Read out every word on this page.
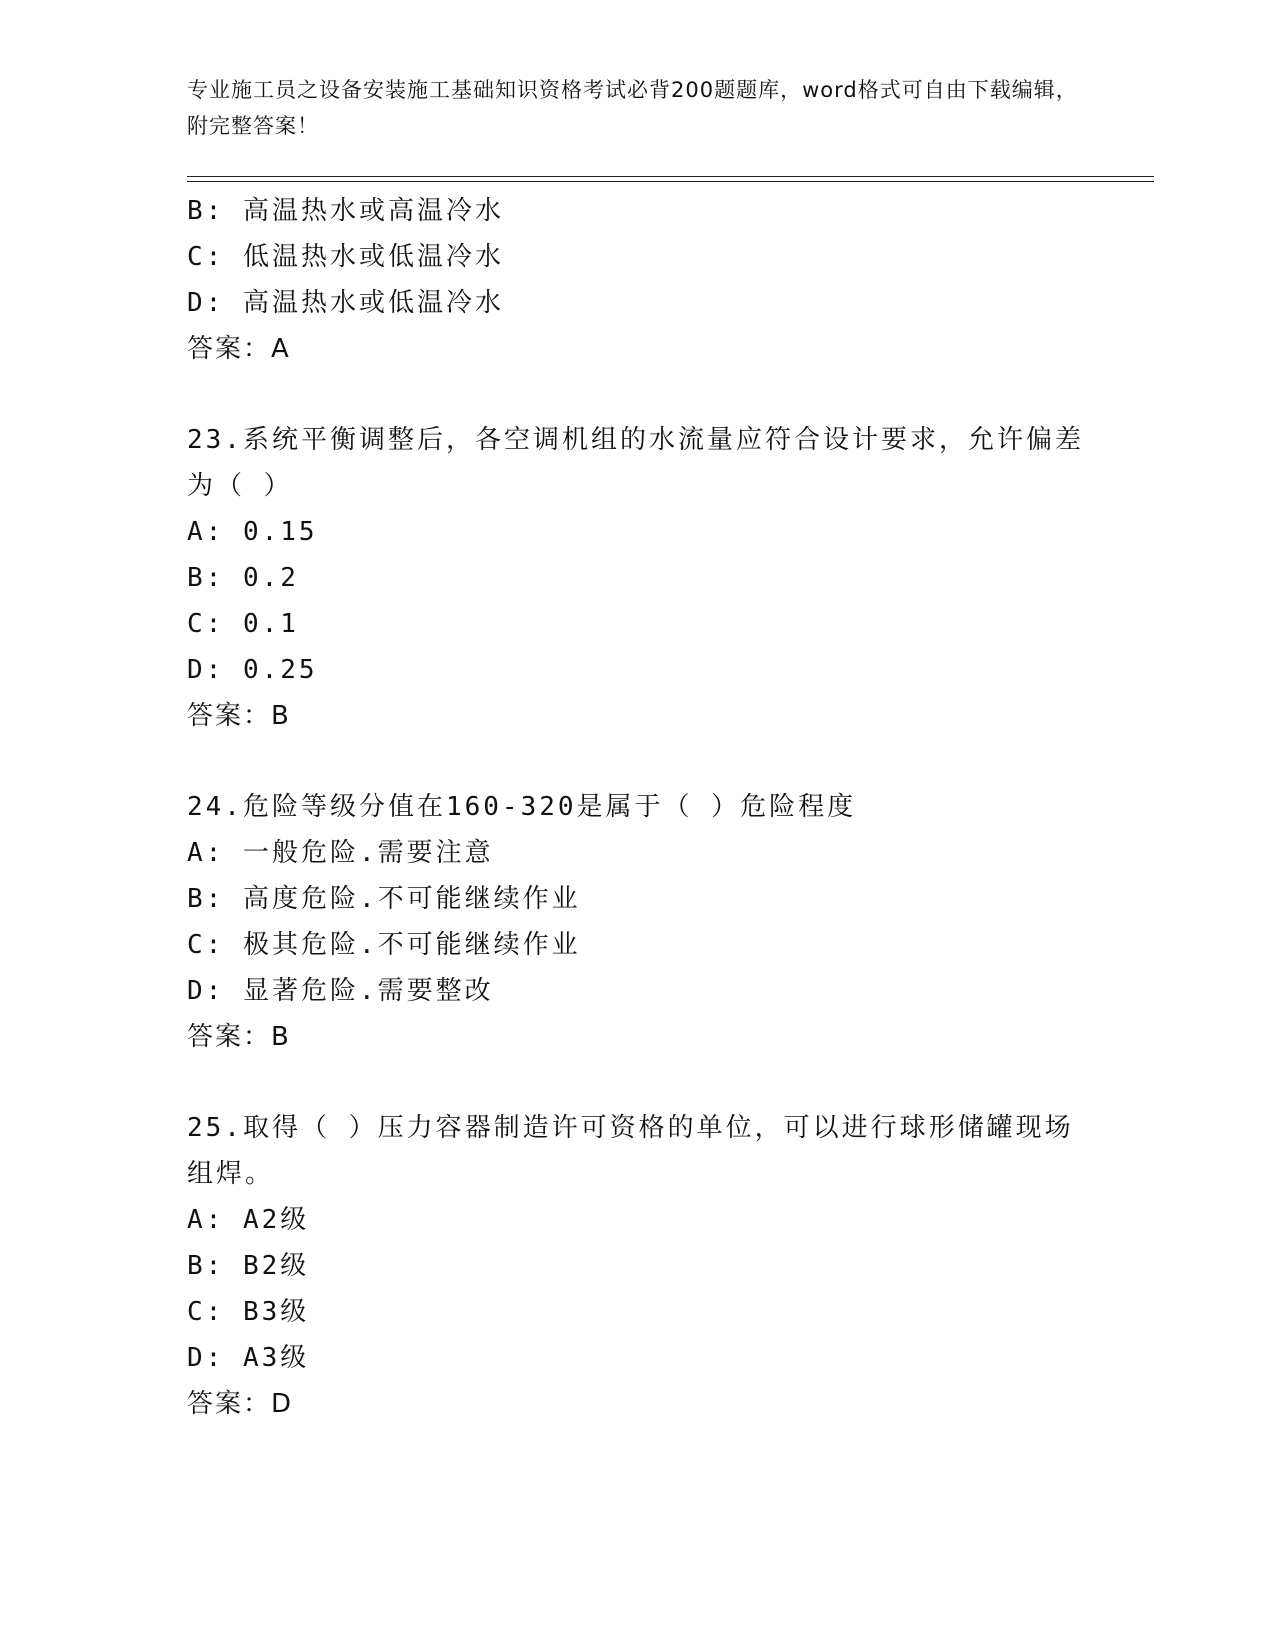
专业施工员之设备安装施工基础知识资格考试必背200题题库，word格式可自由下载编辑，附完整答案！
B: 高温热水或高温冷水
C: 低温热水或低温冷水
D: 高温热水或低温冷水
答案：A
23.系统平衡调整后，各空调机组的水流量应符合设计要求，允许偏差为（ ）
A: 0.15
B: 0.2
C: 0.1
D: 0.25
答案：B
24.危险等级分值在160-320是属于（ ）危险程度
A: 一般危险.需要注意
B: 高度危险.不可能继续作业
C: 极其危险.不可能继续作业
D: 显著危险.需要整改
答案：B
25.取得（ ）压力容器制造许可资格的单位，可以进行球形储罐现场组焊。
A: A2级
B: B2级
C: B3级
D: A3级
答案：D
